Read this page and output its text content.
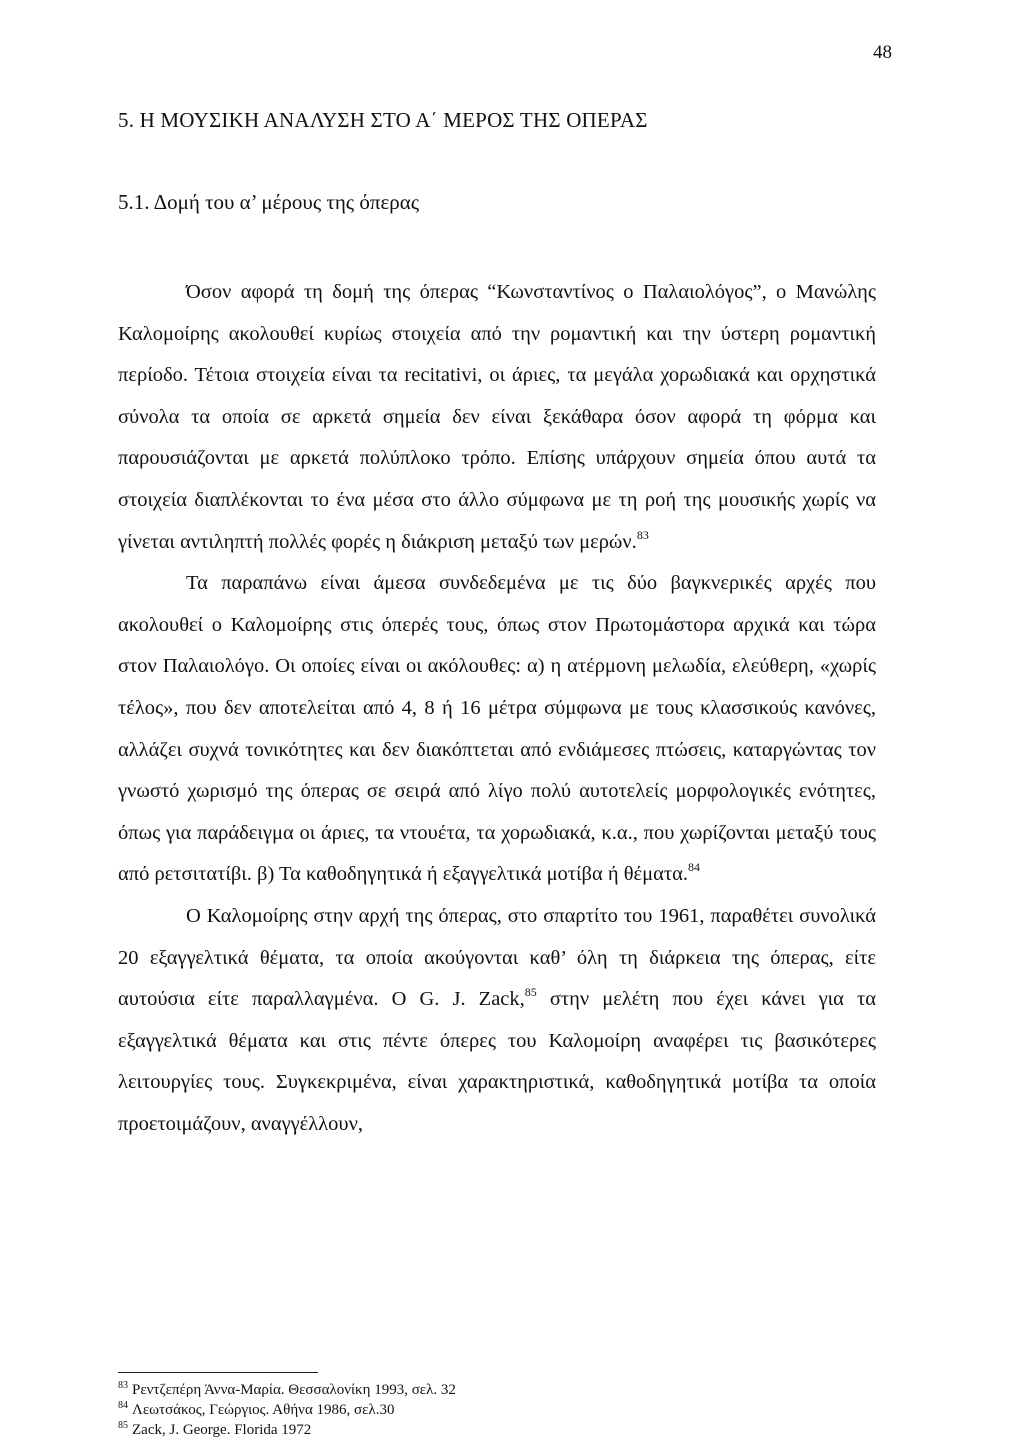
48
5. Η ΜΟΥΣΙΚΗ ΑΝΑΛΥΣΗ ΣΤΟ Α΄ ΜΕΡΟΣ ΤΗΣ ΟΠΕΡΑΣ
5.1. Δομή του α’ μέρους της όπερας

Όσον αφορά τη δομή της όπερας “Κωνσταντίνος ο Παλαιολόγος”, ο Μανώλης Καλομοίρης ακολουθεί κυρίως στοιχεία από την ρομαντική και την ύστερη ρομαντική περίοδο. Τέτοια στοιχεία είναι τα recitativi, οι άριες, τα μεγάλα χορωδιακά και ορχηστικά σύνολα τα οποία σε αρκετά σημεία δεν είναι ξεκάθαρα όσον αφορά τη φόρμα και παρουσιάζονται με αρκετά πολύπλοκο τρόπο. Επίσης υπάρχουν σημεία όπου αυτά τα στοιχεία διαπλέκονται το ένα μέσα στο άλλο σύμφωνα με τη ροή της μουσικής χωρίς να γίνεται αντιληπτή πολλές φορές η διάκριση μεταξύ των μερών.$^{83}$

Τα παραπάνω είναι άμεσα συνδεδεμένα με τις δύο βαγκνερικές αρχές που ακολουθεί ο Καλομοίρης στις όπερές τους, όπως στον Πρωτομάστορα αρχικά και τώρα στον Παλαιολόγο. Οι οποίες είναι οι ακόλουθες: α) η ατέρμονη μελωδία, ελεύθερη, «χωρίς τέλος», που δεν αποτελείται από 4, 8 ή 16 μέτρα σύμφωνα με τους κλασσικούς κανόνες, αλλάζει συχνά τονικότητες και δεν διακόπτεται από ενδιάμεσες πτώσεις, καταργώντας τον γνωστό χωρισμό της όπερας σε σειρά από λίγο πολύ αυτοτελείς μορφολογικές ενότητες, όπως για παράδειγμα οι άριες, τα ντουέτα, τα χορωδιακά, κ.α., που χωρίζονται μεταξύ τους από ρετσιτατίβι. β) Τα καθοδηγητικά ή εξαγγελτικά μοτίβα ή θέματα.$^{84}$

Ο Καλομοίρης στην αρχή της όπερας, στο σπαρτίτο του 1961, παραθέτει συνολικά 20 εξαγγελτικά θέματα, τα οποία ακούγονται καθ’ όλη τη διάρκεια της όπερας, είτε αυτούσια είτε παραλλαγμένα. Ο G. J. Zack,$^{85}$ στην μελέτη που έχει κάνει για τα εξαγγελτικά θέματα και στις πέντε όπερες του Καλομοίρη αναφέρει τις βασικότερες λειτουργίες τους. Συγκεκριμένα, είναι χαρακτηριστικά, καθοδηγητικά μοτίβα τα οποία προετοιμάζουν, αναγγέλλουν,

$^{83}$ Ρεντζεπέρη Άννα-Μαρία. Θεσσαλονίκη 1993, σελ. 32
$^{84}$ Λεωτσάκος, Γεώργιος. Αθήνα 1986, σελ.30
$^{85}$ Zack, J. George. Florida 1972
